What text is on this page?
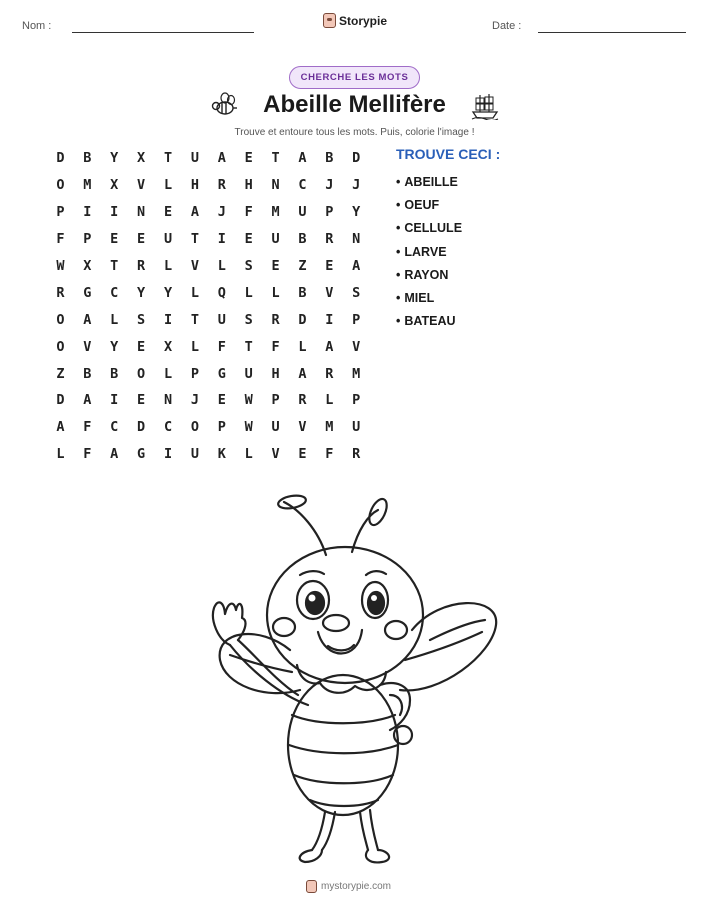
Nom :	Storypie	Date :
CHERCHE LES MOTS
Abeille Mellifère
Trouve et entoure tous les mots. Puis, colorie l'image !
D	B	Y	X	T	U	A	E	T	A	B	D
O	M	X	V	L	H	R	H	N	C	J	J
P	I	I	N	E	A	J	F	M	U	P	Y
F	P	E	E	U	T	I	E	U	B	R	N
W	X	T	R	L	V	L	S	E	Z	E	A
R	G	C	Y	Y	L	Q	L	L	B	V	S
O	A	L	S	I	T	U	S	R	D	I	P
O	V	Y	E	X	L	F	T	F	L	A	V
Z	B	B	O	L	P	G	U	H	A	R	M
D	A	I	E	N	J	E	W	P	R	L	P
A	F	C	D	C	O	P	W	U	V	M	U
L	F	A	G	I	U	K	L	V	E	F	R
TROUVE CECI :
• ABEILLE
• OEUF
• CELLULE
• LARVE
• RAYON
• MIEL
• BATEAU
mystorypie.com
